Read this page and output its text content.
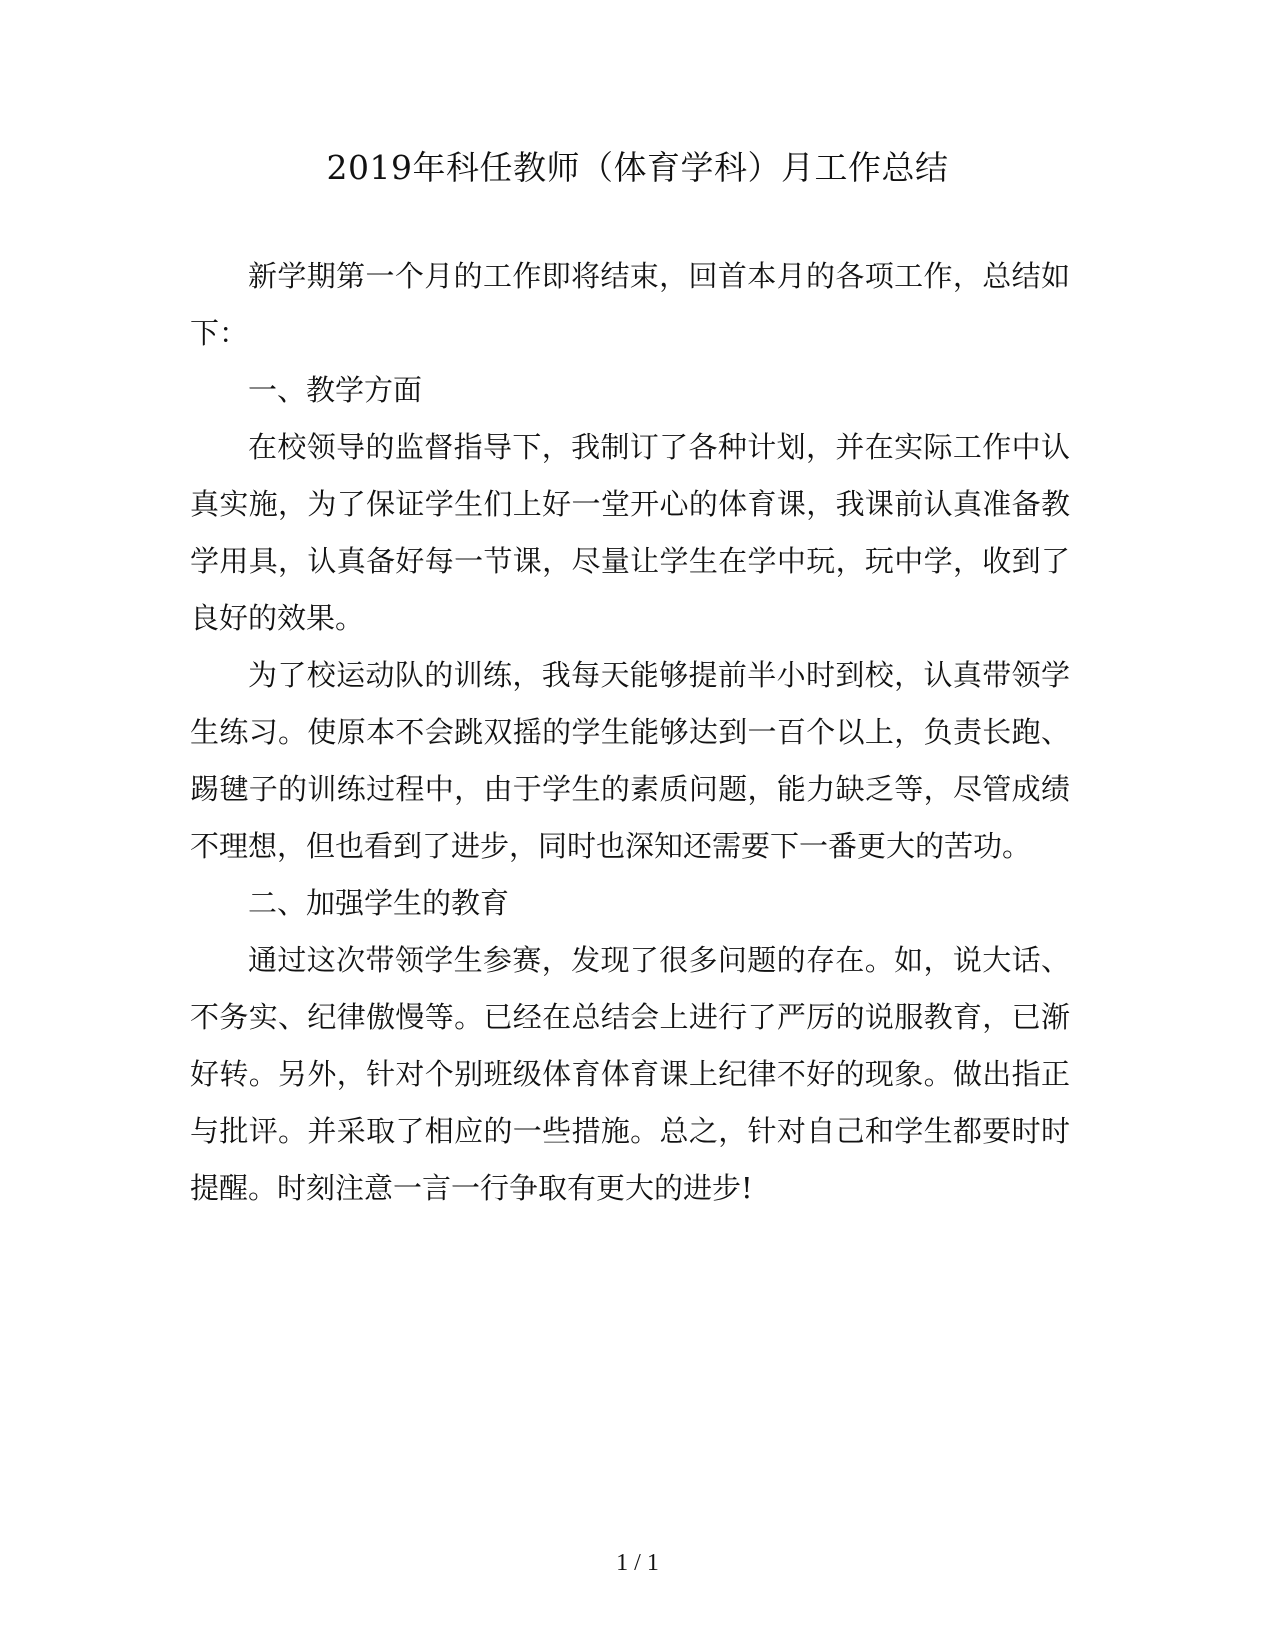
2019年科任教师（体育学科）月工作总结

新学期第一个月的工作即将结束，回首本月的各项工作，总结如下：

一、教学方面

在校领导的监督指导下，我制订了各种计划，并在实际工作中认真实施，为了保证学生们上好一堂开心的体育课，我课前认真准备教学用具，认真备好每一节课，尽量让学生在学中玩，玩中学，收到了良好的效果。

为了校运动队的训练，我每天能够提前半小时到校，认真带领学生练习。使原本不会跳双摇的学生能够达到一百个以上，负责长跑、踢毽子的训练过程中，由于学生的素质问题，能力缺乏等，尽管成绩不理想，但也看到了进步，同时也深知还需要下一番更大的苦功。

二、加强学生的教育

通过这次带领学生参赛，发现了很多问题的存在。如，说大话、不务实、纪律傲慢等。已经在总结会上进行了严厉的说服教育，已渐好转。另外，针对个别班级体育体育课上纪律不好的现象。做出指正与批评。并采取了相应的一些措施。总之，针对自己和学生都要时时提醒。时刻注意一言一行争取有更大的进步!

1 / 1
